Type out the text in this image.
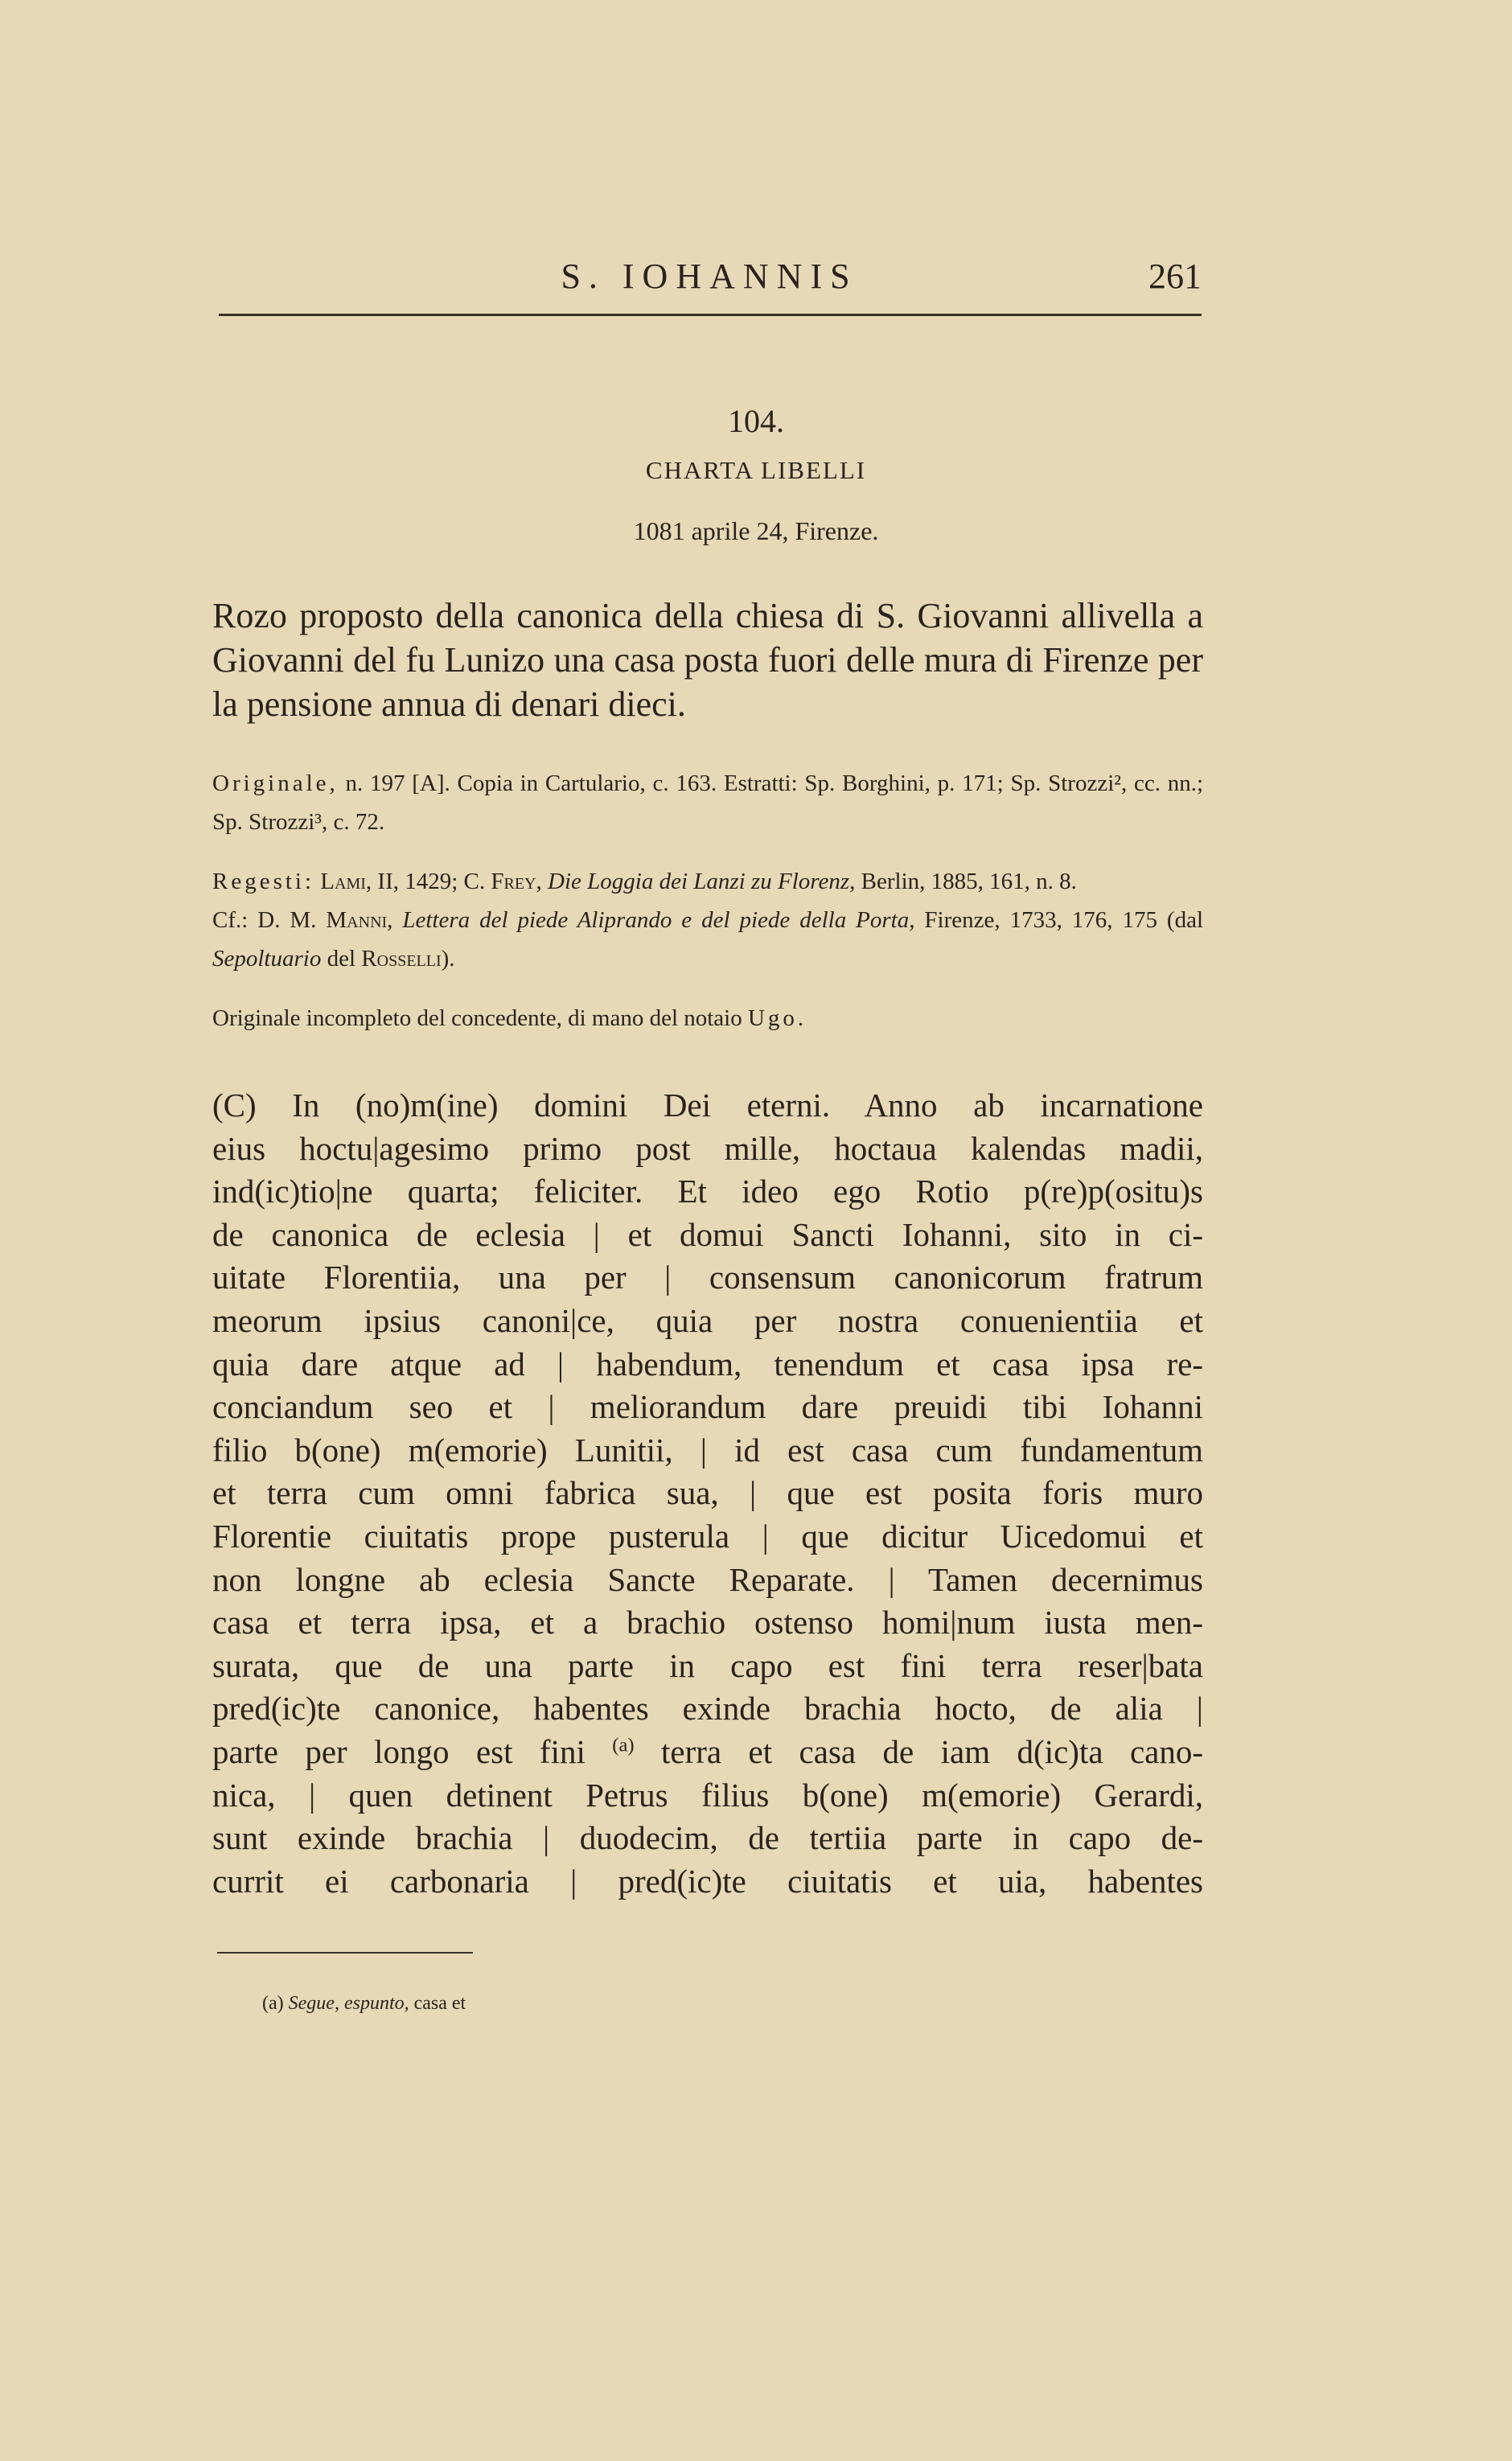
S. IOHANNIS	261
104.
CHARTA LIBELLI
1081 aprile 24, Firenze.
Rozo proposto della canonica della chiesa di S. Giovanni allivella a Giovanni del fu Lunizo una casa posta fuori delle mura di Firenze per la pensione annua di denari dieci.

Originale, n. 197 [A]. Copia in Cartulario, c. 163. Estratti: Sp. Borghini, p. 171; Sp. Strozzi², cc. nn.; Sp. Strozzi³, c. 72.

Regesti: Lami, II, 1429; C. Frey, Die Loggia dei Lanzi zu Florenz, Berlin, 1885, 161, n. 8.

Cf.: D. M. Manni, Lettera del piede Aliprando e del piede della Porta, Firenze, 1733, 176, 175 (dal Sepoltuario del Rosselli).

Originale incompleto del concedente, di mano del notaio Ugo.

(C) In (no)m(ine) domini Dei eterni. Anno ab incarnatione
eius hoctu|agesimo primo post mille, hoctaua kalendas madii,
ind(ic)tio|ne quarta; feliciter. Et ideo ego Rotio p(re)p(ositu)s
de canonica de eclesia | et domui Sancti Iohanni, sito in ci-
uitate Florentiia, una per | consensum canonicorum fratrum
meorum ipsius canoni|ce, quia per nostra conuenientiia et
quia dare atque ad | habendum, tenendum et casa ipsa re-
conciandum seo et | meliorandum dare preuidi tibi Iohanni
filio b(one) m(emorie) Lunitii, | id est casa cum fundamentum
et terra cum omni fabrica sua, | que est posita foris muro
Florentie ciuitatis prope pusterula | que dicitur Uicedomui et
non longne ab eclesia Sancte Reparate. | Tamen decernimus
casa et terra ipsa, et a brachio ostenso homi|num iusta men-
surata, que de una parte in capo est fini terra reser|bata
pred(ic)te canonice, habentes exinde brachia hocto, de alia |
parte per longo est fini $^{(a)}$ terra et casa de iam d(ic)ta cano-
nica, | quen detinent Petrus filius b(one) m(emorie) Gerardi,
sunt exinde brachia | duodecim, de tertiia parte in capo de-
currit ei carbonaria | pred(ic)te ciuitatis et uia, habentes
(a) Segue, espunto, casa et
